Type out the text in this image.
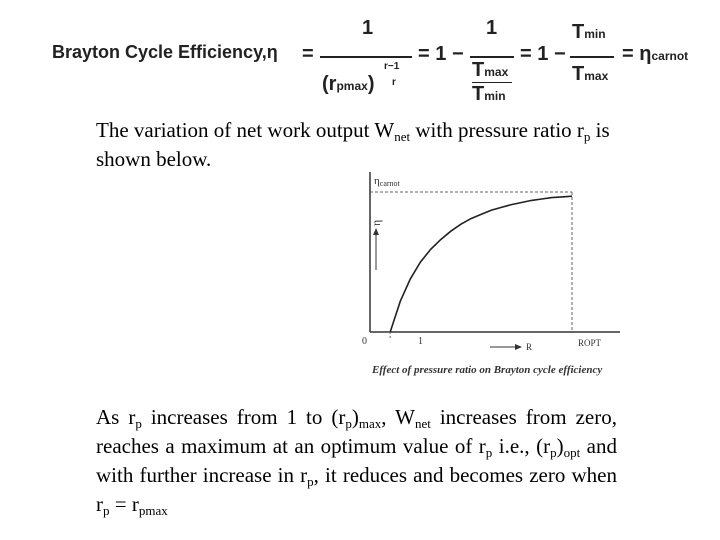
Brayton Cycle Efficiency,η =
1
(rpmax)
r−1
r
= 1 −
1
Tmax
Tmin
= 1 −
Tmin
Tmax
= ηcarnot

The variation of net work output $W_{net}$ with pressure ratio $r_p$ is shown below.

η
ηcarnot
0	1	ROPT
R
Effect of pressure ratio on Brayton cycle efficiency

As $r_p$ increases from 1 to $(r_p)_{max}$, $W_{net}$ increases from zero, reaches a maximum at an optimum value of $r_p$ i.e., $(r_p)_{opt}$ and with further increase in $r_p$, it reduces and becomes zero when $r_p = r_{pmax}$
